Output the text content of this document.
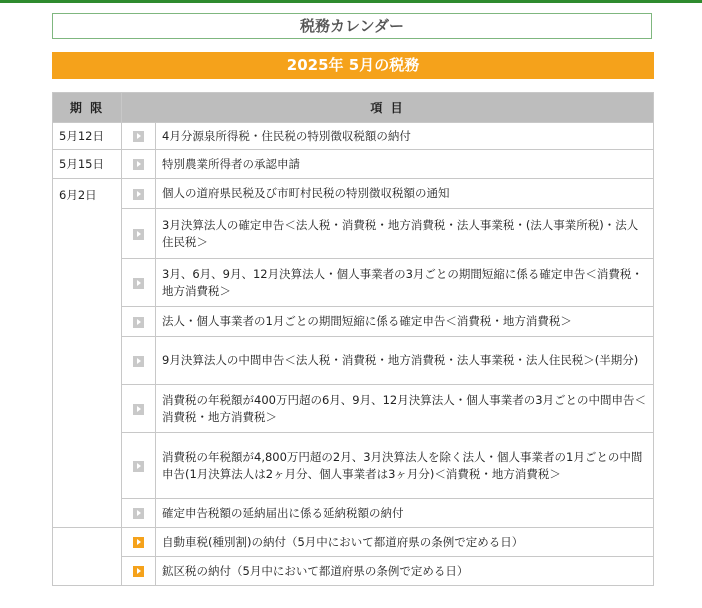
税務カレンダー
2025年 5月の税務
期 限	項 目	
5月12日		4月分源泉所得税・住民税の特別徴収税額の納付
5月15日		特別農業所得者の承認申請
6月2日		個人の道府県民税及び市町村民税の特別徴収税額の通知
		3月決算法人の確定申告＜法人税・消費税・地方消費税・法人事業税・(法人事業所税)・法人住民税＞
		3月、6月、9月、12月決算法人・個人事業者の3月ごとの期間短縮に係る確定申告＜消費税・地方消費税＞
		法人・個人事業者の1月ごとの期間短縮に係る確定申告＜消費税・地方消費税＞
		9月決算法人の中間申告＜法人税・消費税・地方消費税・法人事業税・法人住民税＞(半期分)
		消費税の年税額が400万円超の6月、9月、12月決算法人・個人事業者の3月ごとの中間申告＜消費税・地方消費税＞
		消費税の年税額が4,800万円超の2月、3月決算法人を除く法人・個人事業者の1月ごとの中間申告(1月決算法人は2ヶ月分、個人事業者は3ヶ月分)＜消費税・地方消費税＞
		確定申告税額の延納届出に係る延納税額の納付
		自動車税(種別割)の納付（5月中において都道府県の条例で定める日）
		鉱区税の納付（5月中において都道府県の条例で定める日）
